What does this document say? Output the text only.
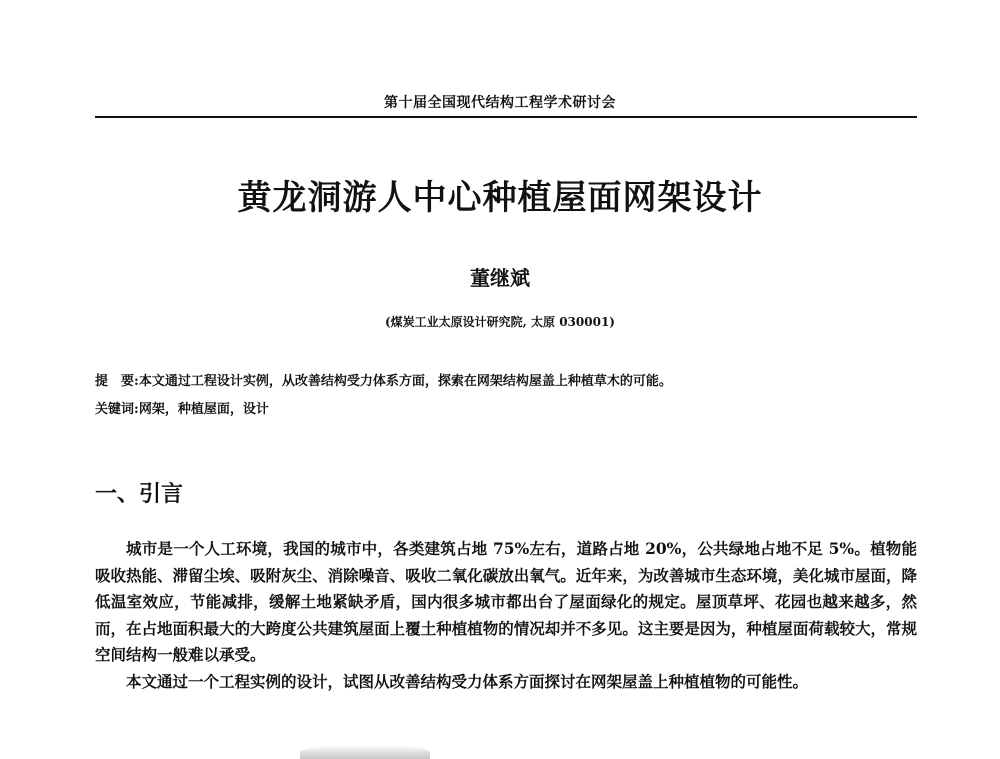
第十届全国现代结构工程学术研讨会
黄龙洞游人中心种植屋面网架设计
董继斌
(煤炭工业太原设计研究院, 太原 030001)
提　要:本文通过工程设计实例，从改善结构受力体系方面，探索在网架结构屋盖上种植草木的可能。
关键词:网架，种植屋面，设计
一、引言

城市是一个人工环境，我国的城市中，各类建筑占地 75%左右，道路占地 20%，公共绿地占地不足 5%。植物能吸收热能、滞留尘埃、吸附灰尘、消除噪音、吸收二氧化碳放出氧气。近年来，为改善城市生态环境，美化城市屋面，降低温室效应，节能减排，缓解土地紧缺矛盾，国内很多城市都出台了屋面绿化的规定。屋顶草坪、花园也越来越多，然而，在占地面积最大的大跨度公共建筑屋面上覆土种植植物的情况却并不多见。这主要是因为，种植屋面荷载较大，常规空间结构一般难以承受。

本文通过一个工程实例的设计，试图从改善结构受力体系方面探讨在网架屋盖上种植植物的可能性。
